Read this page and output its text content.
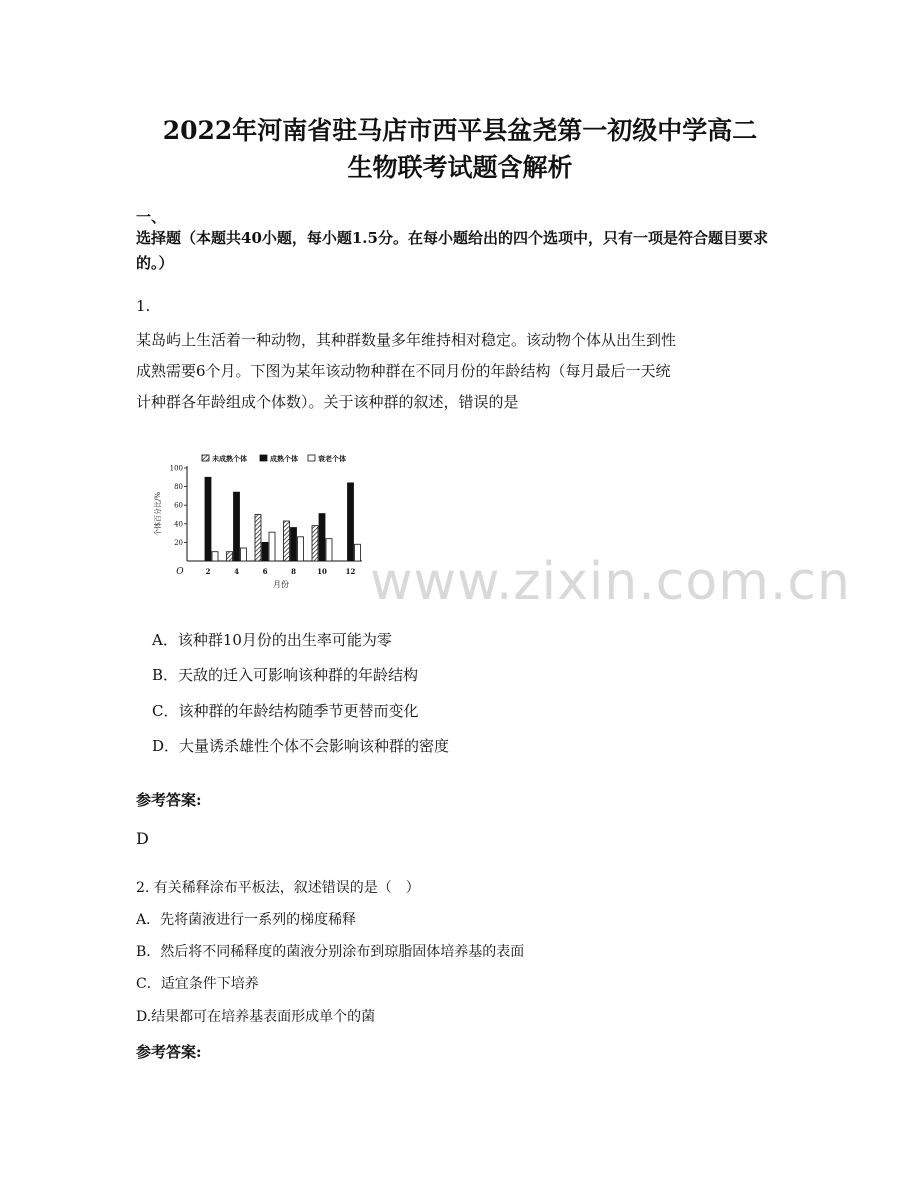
2022年河南省驻马店市西平县盆尧第一初级中学高二
生物联考试题含解析
一、
选择题（本题共40小题，每小题1.5分。在每小题给出的四个选项中，只有一项是符合题目要求的。）
1.
某岛屿上生活着一种动物，其种群数量多年维持相对稳定。该动物个体从出生到性
成熟需要6个月。下图为某年该动物种群在不同月份的年龄结构（每月最后一天统
计种群各年龄组成个体数）。关于该种群的叙述，错误的是
20
40
60
80
100
O
个体百分比/%
2	4	6	8	10	12
月份
未成熟个体	成熟个体	衰老个体
A．该种群10月份的出生率可能为零
B．天敌的迁入可影响该种群的年龄结构
C．该种群的年龄结构随季节更替而变化
D．大量诱杀雄性个体不会影响该种群的密度
参考答案:
D
2. 有关稀释涂布平板法，叙述错误的是（　）
A．先将菌液进行一系列的梯度稀释
B．然后将不同稀释度的菌液分别涂布到琼脂固体培养基的表面
C．适宜条件下培养
D.结果都可在培养基表面形成单个的菌
参考答案:
www.zixin.com.cn
